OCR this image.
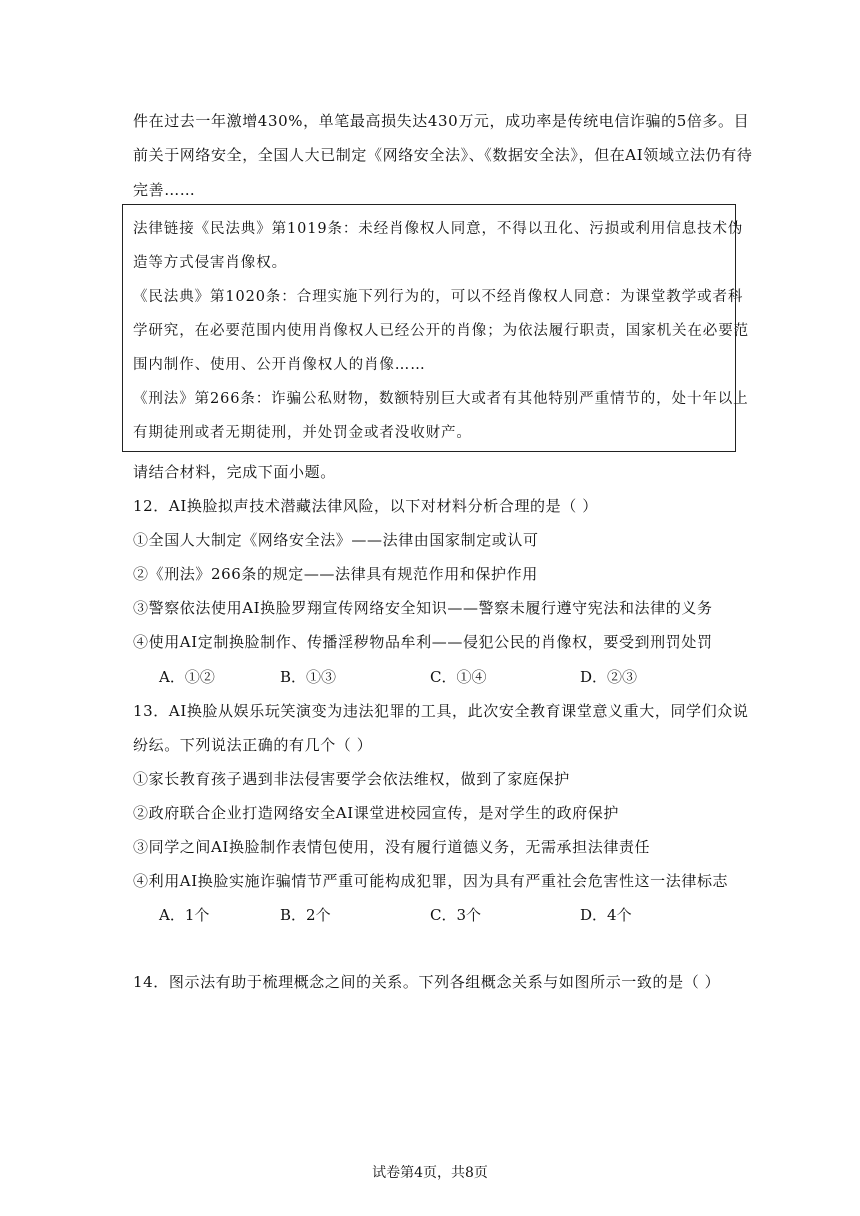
件在过去一年激增430%，单笔最高损失达430万元，成功率是传统电信诈骗的5倍多。目
前关于网络安全，全国人大已制定《网络安全法》、《数据安全法》，但在AI领域立法仍有待
完善……
法律链接《民法典》第1019条：未经肖像权人同意，不得以丑化、污损或利用信息技术伪
造等方式侵害肖像权。
《民法典》第1020条：合理实施下列行为的，可以不经肖像权人同意：为课堂教学或者科
学研究，在必要范围内使用肖像权人已经公开的肖像；为依法履行职责，国家机关在必要范
围内制作、使用、公开肖像权人的肖像……
《刑法》第266条：诈骗公私财物，数额特别巨大或者有其他特别严重情节的，处十年以上
有期徒刑或者无期徒刑，并处罚金或者没收财产。
请结合材料，完成下面小题。
12．AI换脸拟声技术潜藏法律风险，以下对材料分析合理的是（ ）
①全国人大制定《网络安全法》——法律由国家制定或认可
②《刑法》266条的规定——法律具有规范作用和保护作用
③警察依法使用AI换脸罗翔宣传网络安全知识——警察未履行遵守宪法和法律的义务
④使用AI定制换脸制作、传播淫秽物品牟利——侵犯公民的肖像权，要受到刑罚处罚
A．①②	B．①③	C．①④	D．②③
13．AI换脸从娱乐玩笑演变为违法犯罪的工具，此次安全教育课堂意义重大，同学们众说
纷纭。下列说法正确的有几个（ ）
①家长教育孩子遇到非法侵害要学会依法维权，做到了家庭保护
②政府联合企业打造网络安全AI课堂进校园宣传，是对学生的政府保护
③同学之间AI换脸制作表情包使用，没有履行道德义务，无需承担法律责任
④利用AI换脸实施诈骗情节严重可能构成犯罪，因为具有严重社会危害性这一法律标志
A．1个	B．2个	C．3个	D．4个
14．图示法有助于梳理概念之间的关系。下列各组概念关系与如图所示一致的是（ ）
试卷第4页，共8页
